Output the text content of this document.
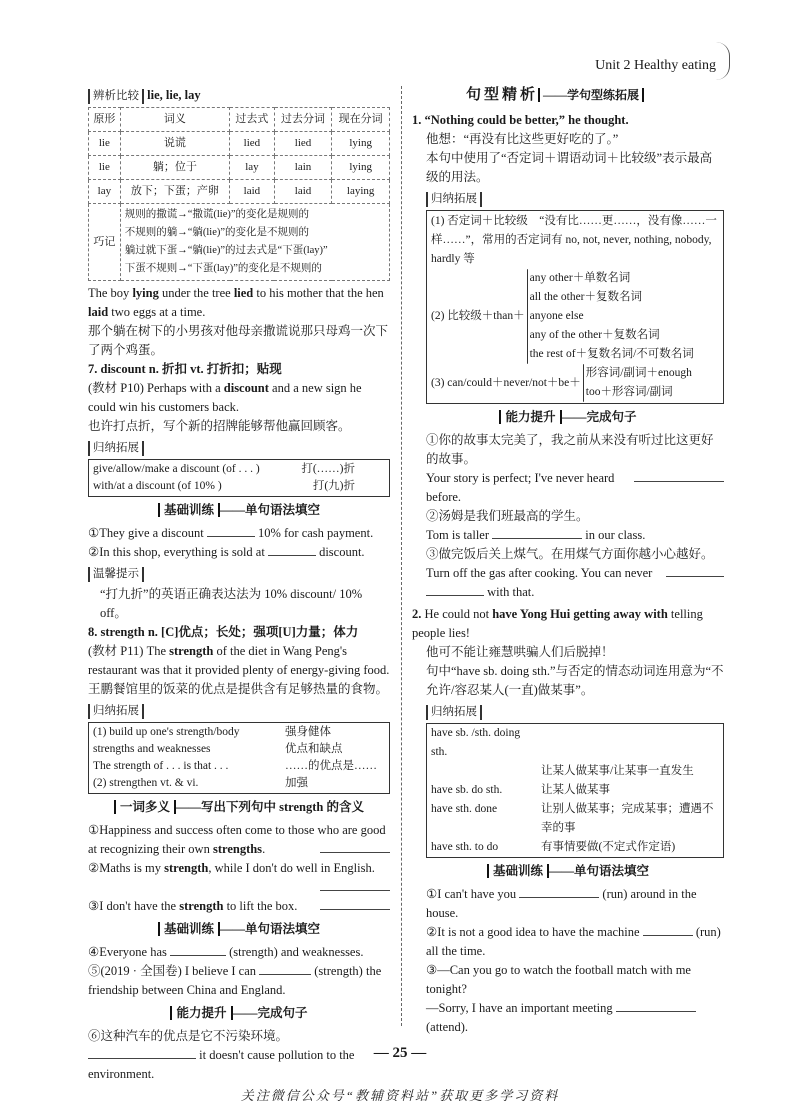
Unit 2 Healthy eating
辨析比较 lie, lie, lay
原形	词义	过去式	过去分词	现在分词
lie	说谎	lied	lied	lying
lie	躺；位于	lay	lain	lying
lay	放下；下蛋；产卵	laid	laid	laying
巧记	规则的撒谎→“撒谎(lie)”的变化是规则的
不规则的躺→“躺(lie)”的变化是不规则的
躺过就下蛋→“躺(lie)”的过去式是“下蛋(lay)”
下蛋不规则→“下蛋(lay)”的变化是不规则的			

The boy lying under the tree lied to his mother that the hen laid two eggs at a time.

那个躺在树下的小男孩对他母亲撒谎说那只母鸡一次下了两个鸡蛋。

7. discount n. 折扣 vt. 打折扣；贴现

(教材 P10) Perhaps with a discount and a new sign he could win his customers back.

也许打点折，写个新的招牌能够帮他赢回顾客。

归纳拓展
give/allow/make a discount (of . . . )	打(……)折
with/at a discount (of 10% )	打(九)折
基础训练 ——单句语法填空

①They give a discount	10% for cash payment.

②In this shop, everything is sold at	discount.

温馨提示

“打九折”的英语正确表达法为 10% discount/ 10% off。

8. strength n. [C]优点；长处；强项[U]力量；体力

(教材 P11) The strength of the diet in Wang Peng's restaurant was that it provided plenty of energy-giving food.

王鹏餐馆里的饭菜的优点是提供含有足够热量的食物。

归纳拓展
(1) build up one's strength/body	强身健体
strengths and weaknesses	优点和缺点
The strength of . . . is that . . .	……的优点是……
(2) strengthen vt. & vi.	加强
一词多义 ——写出下列句中 strength 的含义

①Happiness and success often come to those who are good at recognizing their own strengths.

②Maths is my strength, while I don't do well in English.

③I don't have the strength to lift the box.

基础训练 ——单句语法填空

④Everyone has	(strength) and weaknesses.

⑤(2019 · 全国卷) I believe I can	(strength) the friendship between China and England.

能力提升 ——完成句子

⑥这种汽车的优点是它不污染环境。

it doesn't cause pollution to the environment.

句型精析 ——学句型练拓展

1. “Nothing could be better,” he thought.

他想：“再没有比这些更好吃的了。”

本句中使用了“否定词＋谓语动词＋比较级”表示最高级的用法。

归纳拓展

(1) 否定词＋比较级　“没有比……更……，没有像……一样……”，常用的否定词有 no, not, never, nothing, nobody, hardly 等

(2) 比较级＋than＋
any other＋单数名词
all the other＋复数名词
anyone else
any of the other＋复数名词
the rest of＋复数名词/不可数名词
(3) can/could＋never/not＋be＋
形容词/副词＋enough
too＋形容词/副词
能力提升 ——完成句子

①你的故事太完美了，我之前从来没有听过比这更好的故事。

Your story is perfect; I've never heard

before.

②汤姆是我们班最高的学生。

Tom is taller	in our class.

③做完饭后关上煤气。在用煤气方面你越小心越好。

Turn off the gas after cooking. You can never

with that.

2. He could not have Yong Hui getting away with telling people lies!

他可不能让雍慧哄骗人们后脱掉！

句中“have sb. doing sth.”与否定的情态动词连用意为“不允许/容忍某人(一直)做某事”。

归纳拓展
have sb. /sth. doing sth.	
	让某人做某事/让某事一直发生
have sb. do sth.	让某人做某事
have sth. done	让别人做某事；完成某事；遭遇不幸的事
have sth. to do	有事情要做(不定式作定语)
基础训练 ——单句语法填空

①I can't have you	(run) around in the house.

②It is not a good idea to have the machine	(run) all the time.

③—Can you go to watch the football match with me tonight?

—Sorry, I have an important meeting  (attend).

— 25 —
关注微信公众号“教辅资料站”获取更多学习资料
